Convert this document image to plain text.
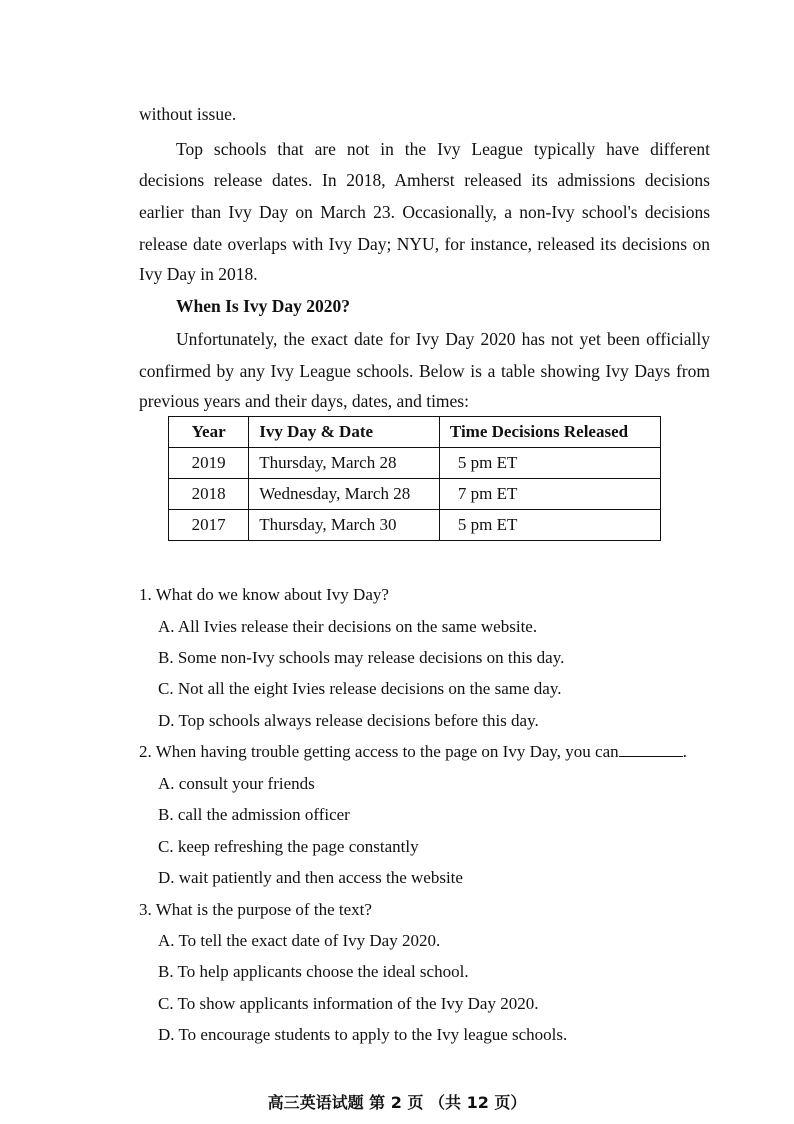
without issue.
Top schools that are not in the Ivy League typically have different
decisions release dates. In 2018, Amherst released its admissions decisions
earlier than Ivy Day on March 23. Occasionally, a non-Ivy school's decisions
release date overlaps with Ivy Day; NYU, for instance, released its decisions on
Ivy Day in 2018.
When Is Ivy Day 2020?
Unfortunately, the exact date for Ivy Day 2020 has not yet been officially
confirmed by any Ivy League schools. Below is a table showing Ivy Days from
previous years and their days, dates, and times:
Year	Ivy Day & Date	Time Decisions Released
2019	Thursday, March 28	5 pm ET
2018	Wednesday, March 28	7 pm ET
2017	Thursday, March 30	5 pm ET
1. What do we know about Ivy Day?
A. All Ivies release their decisions on the same website.
B. Some non-Ivy schools may release decisions on this day.
C. Not all the eight Ivies release decisions on the same day.
D. Top schools always release decisions before this day.
2. When having trouble getting access to the page on Ivy Day, you can	.
A. consult your friends
B. call the admission officer
C. keep refreshing the page constantly
D. wait patiently and then access the website
3. What is the purpose of the text?
A. To tell the exact date of Ivy Day 2020.
B. To help applicants choose the ideal school.
C. To show applicants information of the Ivy Day 2020.
D. To encourage students to apply to the Ivy league schools.
高三英语试题 第 2 页 （共 12 页）
